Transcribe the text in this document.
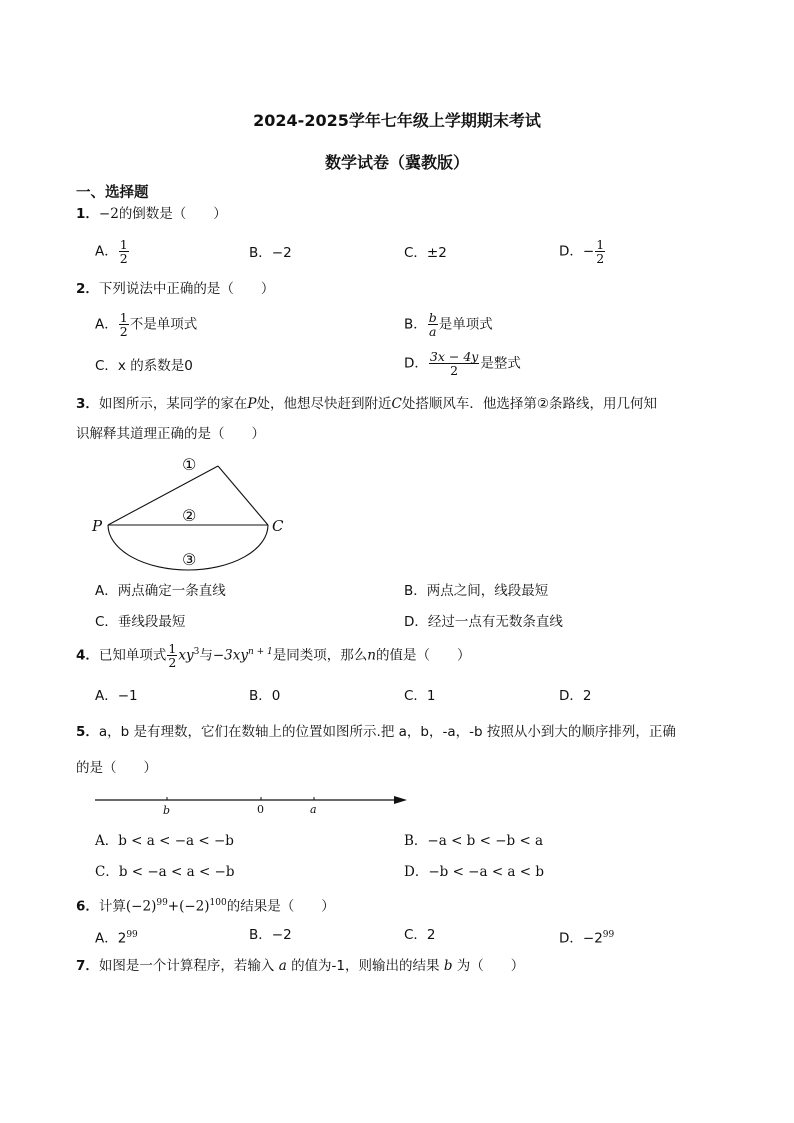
2024-2025学年七年级上学期期末考试
数学试卷（冀教版）
一、选择题
1．−2的倒数是（　　）
A． $\frac{1}{2}$	B．−2	C．±2	D．− $\frac{1}{2}$
2．下列说法中正确的是（　　）
A． $\frac{1}{2}$ 不是单项式	B． $\frac{b}{a}$ 是单项式
C．x 的系数是0	D． $\frac{3x - 4y}{2}$ 是整式
3．如图所示，某同学的家在P处，他想尽快赶到附近C处搭顺风车．他选择第②条路线，用几何知
识解释其道理正确的是（　　）
P	C
①
②
③
A．两点确定一条直线	B．两点之间，线段最短
C．垂线段最短	D．经过一点有无数条直线
4．已知单项式 $\frac{1}{2} xy^3$与$-3xy^{n + 1}$是同类项，那么n的值是（　　）
A．−1	B．0	C．1	D．2
5．a，b 是有理数，它们在数轴上的位置如图所示.把 a，b，-a，-b 按照从小到大的顺序排列，正确
的是（　　）
b	0	a
A．b < a < −a < −b	B．−a < b < −b < a
C．b < −a < a < −b	D．−b < −a < a < b
6．计算$(-2)^{99}+(-2)^{100}$的结果是（　　）
A．$2^{99}$	B．−2	C．2	D．$-2^{99}$
7．如图是一个计算程序，若输入 a 的值为-1，则输出的结果 b 为（　　）
